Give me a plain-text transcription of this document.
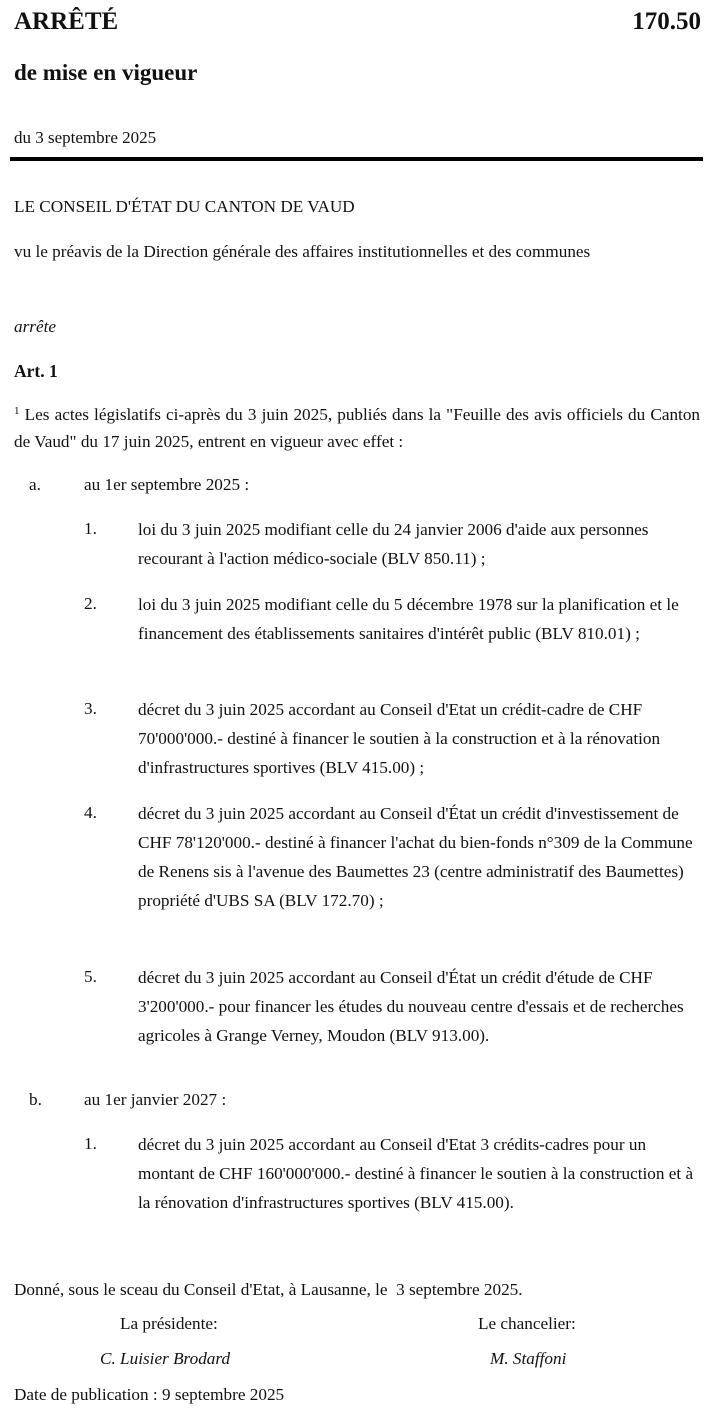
ARRÊTÉ	170.50
de mise en vigueur
du 3 septembre 2025
LE CONSEIL D'ÉTAT DU CANTON DE VAUD
vu le préavis de la Direction générale des affaires institutionnelles et des communes
arrête
Art. 1
$^1$ Les actes législatifs ci-après du 3 juin 2025, publiés dans la "Feuille des avis officiels du Canton de Vaud" du 17 juin 2025, entrent en vigueur avec effet :
a.	au 1er septembre 2025 :
1. loi du 3 juin 2025 modifiant celle du 24 janvier 2006 d'aide aux personnes recourant à l'action médico-sociale (BLV 850.11) ;
2. loi du 3 juin 2025 modifiant celle du 5 décembre 1978 sur la planification et le financement des établissements sanitaires d'intérêt public (BLV 810.01) ;
3. décret du 3 juin 2025 accordant au Conseil d'Etat un crédit-cadre de CHF 70'000'000.- destiné à financer le soutien à la construction et à la rénovation d'infrastructures sportives (BLV 415.00) ;
4. décret du 3 juin 2025 accordant au Conseil d'État un crédit d'investissement de CHF 78'120'000.- destiné à financer l'achat du bien-fonds n°309 de la Commune de Renens sis à l'avenue des Baumettes 23 (centre administratif des Baumettes) propriété d'UBS SA (BLV 172.70) ;
5. décret du 3 juin 2025 accordant au Conseil d'État un crédit d'étude de CHF 3'200'000.- pour financer les études du nouveau centre d'essais et de recherches agricoles à Grange Verney, Moudon (BLV 913.00).
b. au 1er janvier 2027 :
1. décret du 3 juin 2025 accordant au Conseil d'Etat 3 crédits-cadres pour un montant de CHF 160'000'000.- destiné à financer le soutien à la construction et à la rénovation d'infrastructures sportives (BLV 415.00).
Donné, sous le sceau du Conseil d'Etat, à Lausanne, le  3 septembre 2025.
La présidente:	Le chancelier:
C. Luisier Brodard	M. Staffoni
Date de publication : 9 septembre 2025
